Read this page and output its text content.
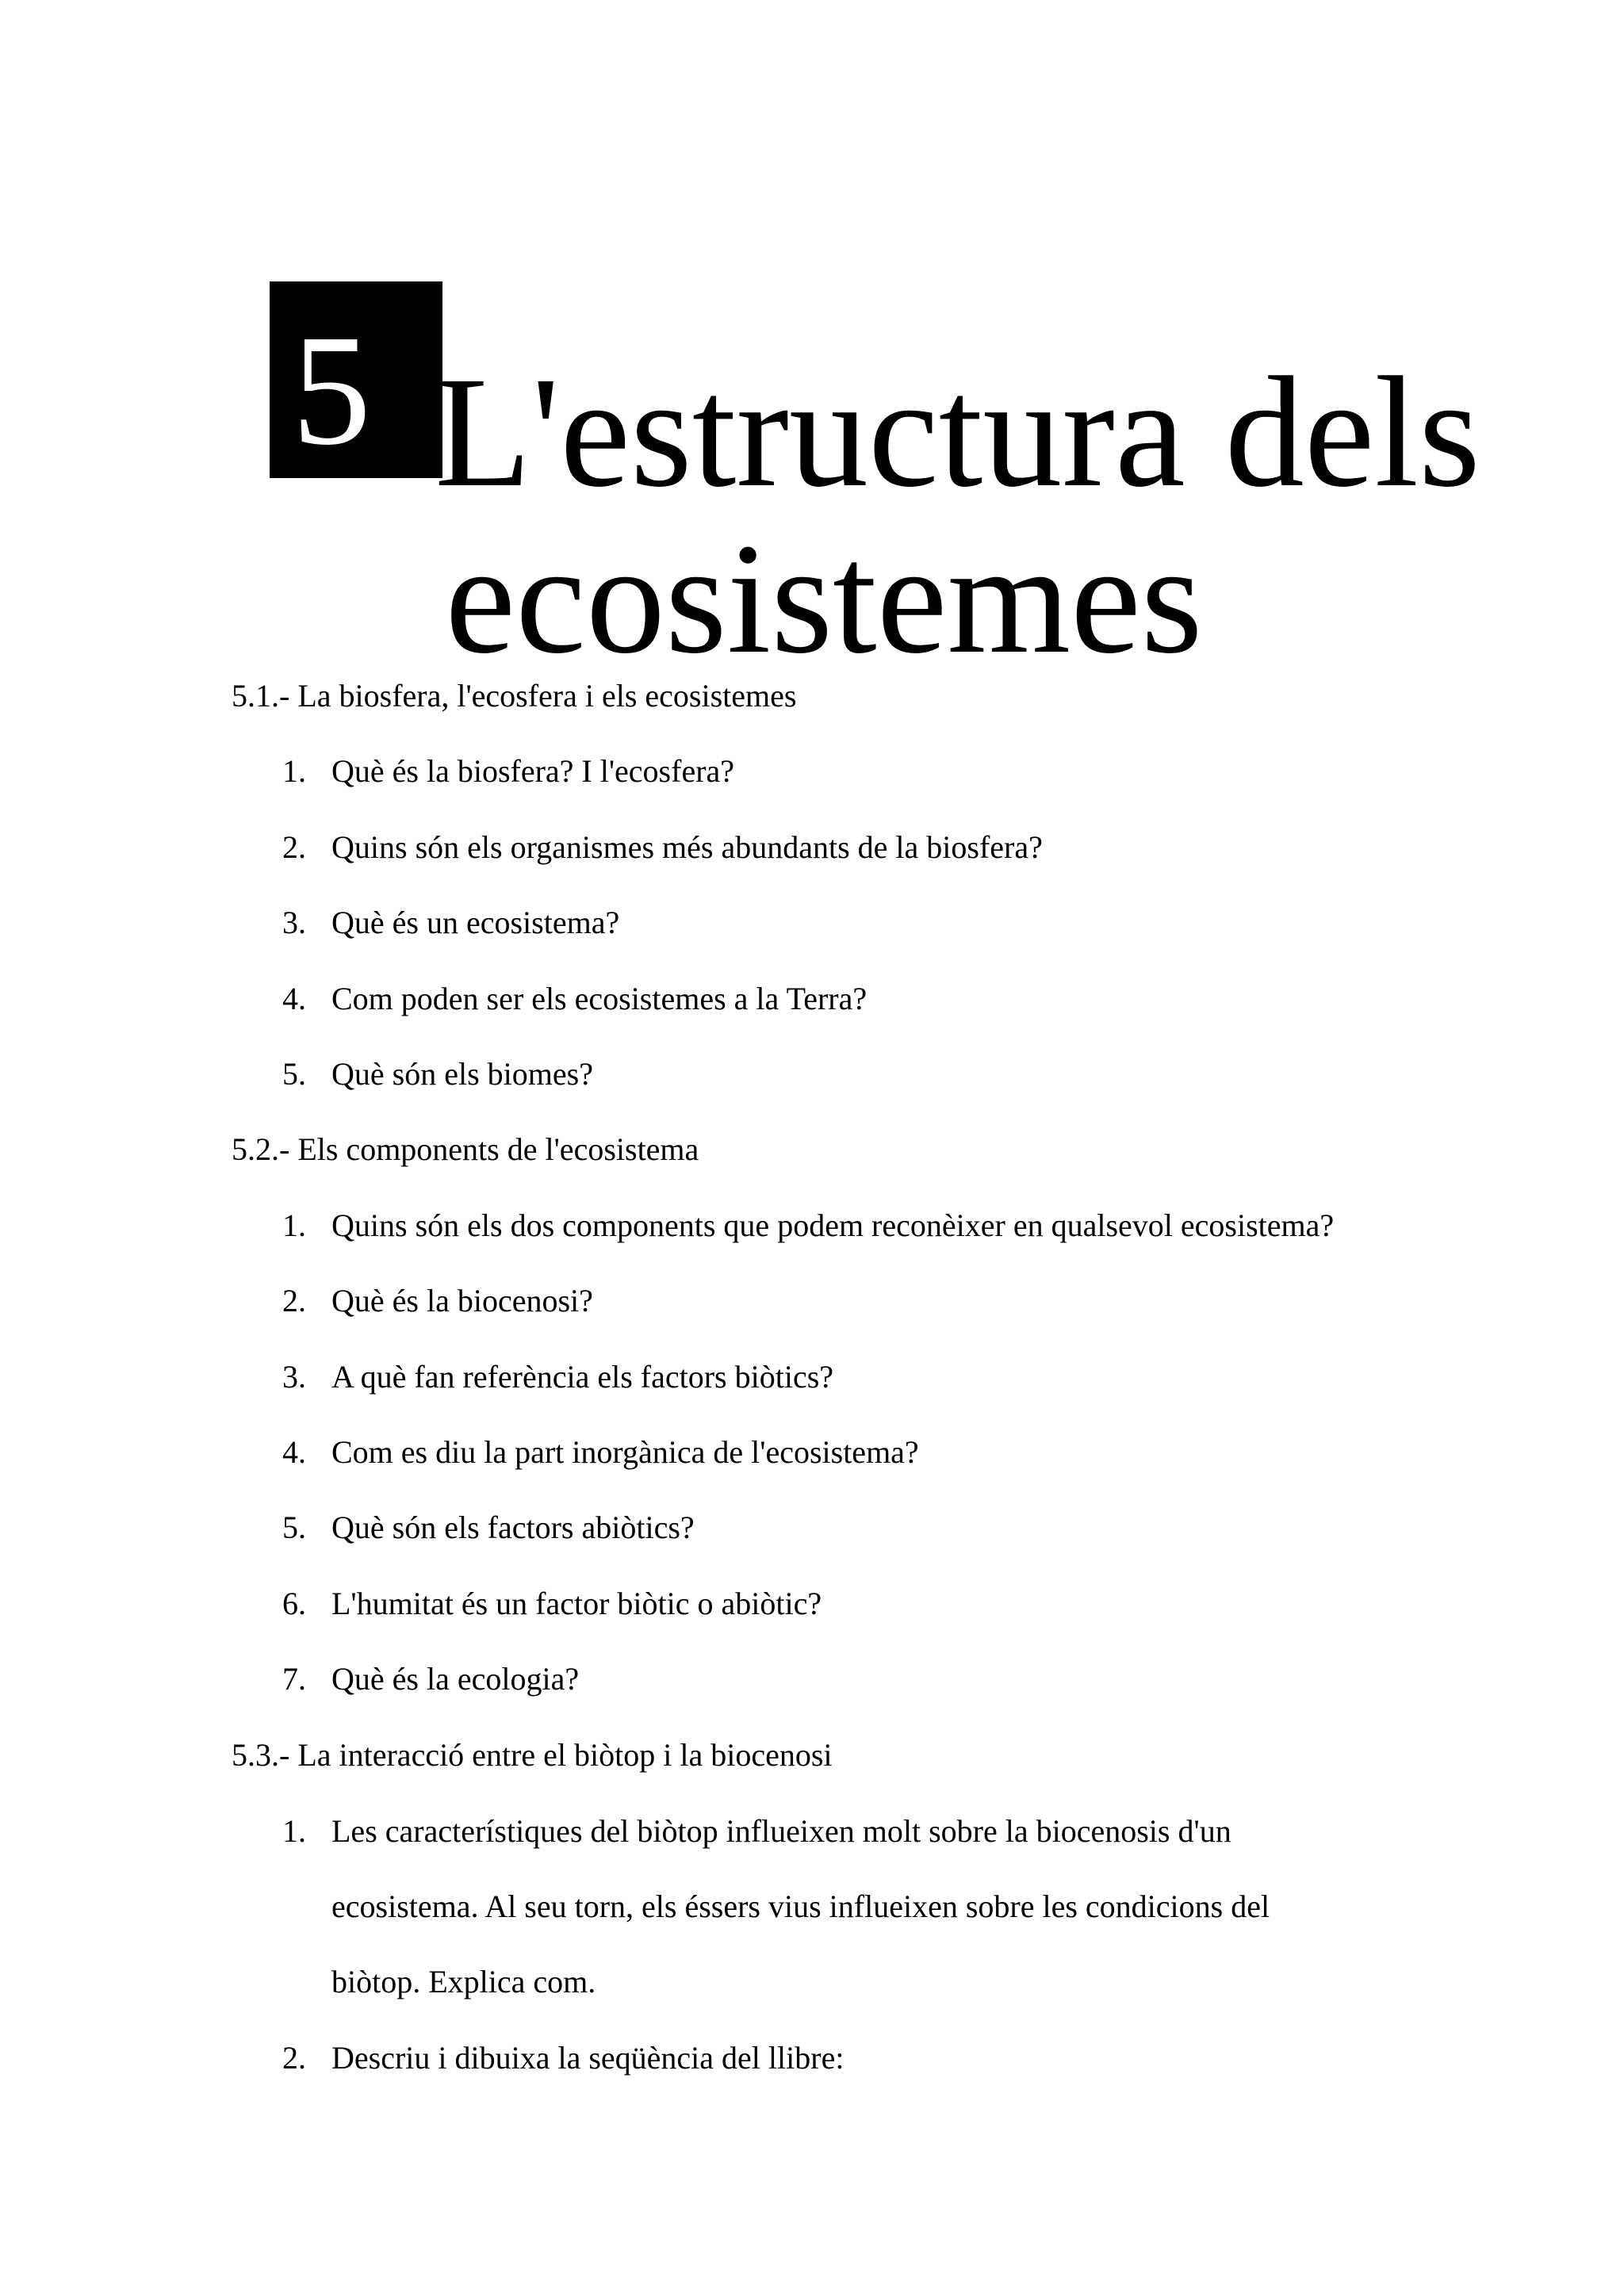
5 L'estructura dels
ecosistemes
5.1.- La biosfera, l'ecosfera i els ecosistemes
1. Què és la biosfera? I l'ecosfera?
2. Quins són els organismes més abundants de la biosfera?
3. Què és un ecosistema?
4. Com poden ser els ecosistemes a la Terra?
5. Què són els biomes?
5.2.- Els components de l'ecosistema
1. Quins són els dos components que podem reconèixer en qualsevol ecosistema?
2. Què és la biocenosi?
3. A què fan referència els factors biòtics?
4. Com es diu la part inorgànica de l'ecosistema?
5. Què són els factors abiòtics?
6. L'humitat és un factor biòtic o abiòtic?
7. Què és la ecologia?
5.3.- La interacció entre el biòtop i la biocenosi
1. Les característiques del biòtop influeixen molt sobre la biocenosis d'un
ecosistema. Al seu torn, els éssers vius influeixen sobre les condicions del
biòtop. Explica com.
2. Descriu i dibuixa la seqüència del llibre:
